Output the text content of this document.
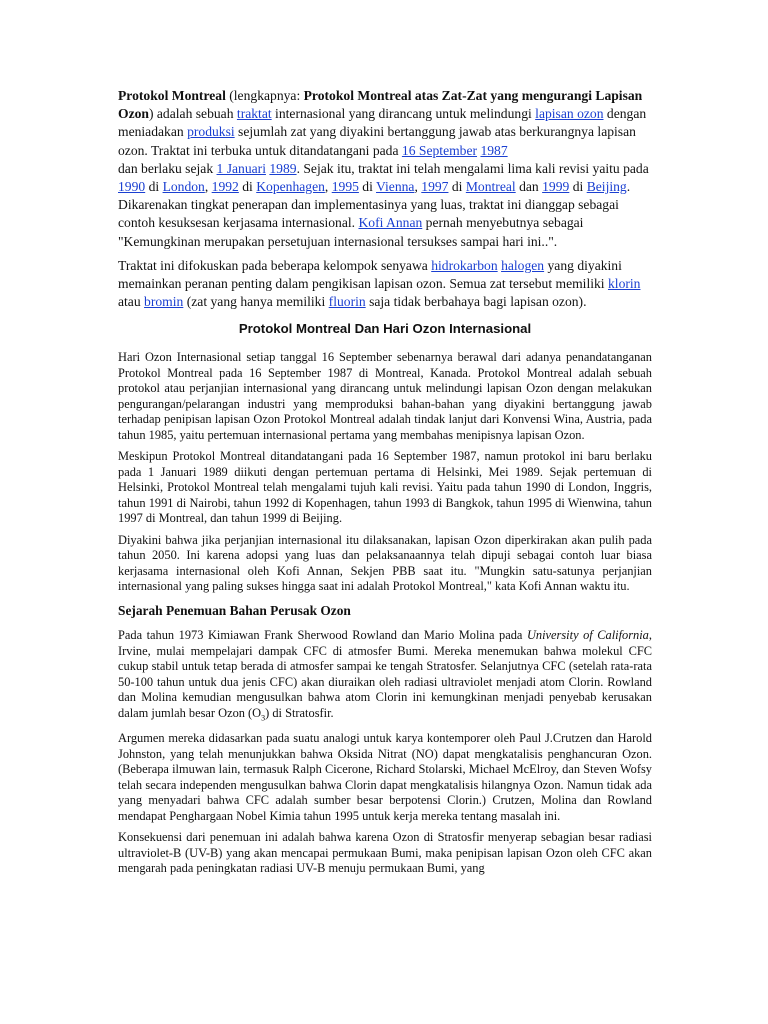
Protokol Montreal (lengkapnya: Protokol Montreal atas Zat-Zat yang mengurangi Lapisan Ozon) adalah sebuah traktat internasional yang dirancang untuk melindungi lapisan ozon dengan meniadakan produksi sejumlah zat yang diyakini bertanggung jawab atas berkurangnya lapisan ozon. Traktat ini terbuka untuk ditandatangani pada 16 September 1987
dan berlaku sejak 1 Januari 1989. Sejak itu, traktat ini telah mengalami lima kali revisi yaitu pada 1990 di London, 1992 di Kopenhagen, 1995 di Vienna, 1997 di Montreal dan 1999 di Beijing. Dikarenakan tingkat penerapan dan implementasinya yang luas, traktat ini dianggap sebagai contoh kesuksesan kerjasama internasional. Kofi Annan pernah menyebutnya sebagai "Kemungkinan merupakan persetujuan internasional tersukses sampai hari ini..".
Traktat ini difokuskan pada beberapa kelompok senyawa hidrokarbon halogen yang diyakini memainkan peranan penting dalam pengikisan lapisan ozon. Semua zat tersebut memiliki klorin atau bromin (zat yang hanya memiliki fluorin saja tidak berbahaya bagi lapisan ozon).
Protokol Montreal Dan Hari Ozon Internasional

Hari Ozon Internasional setiap tanggal 16 September sebenarnya berawal dari adanya penandatanganan Protokol Montreal pada 16 September 1987 di Montreal, Kanada. Protokol Montreal adalah sebuah protokol atau perjanjian internasional yang dirancang untuk melindungi lapisan Ozon dengan melakukan pengurangan/pelarangan industri yang memproduksi bahan-bahan yang diyakini bertanggung jawab terhadap penipisan lapisan Ozon Protokol Montreal adalah tindak lanjut dari Konvensi Wina, Austria, pada tahun 1985, yaitu pertemuan internasional pertama yang membahas menipisnya lapisan Ozon.

Meskipun Protokol Montreal ditandatangani pada 16 September 1987, namun protokol ini baru berlaku pada 1 Januari 1989 diikuti dengan pertemuan pertama di Helsinki, Mei 1989. Sejak pertemuan di Helsinki, Protokol Montreal telah mengalami tujuh kali revisi. Yaitu pada tahun 1990 di London, Inggris, tahun 1991 di Nairobi, tahun 1992 di Kopenhagen, tahun 1993 di Bangkok, tahun 1995 di Wienwina, tahun 1997 di Montreal, dan tahun 1999 di Beijing.

Diyakini bahwa jika perjanjian internasional itu dilaksanakan, lapisan Ozon diperkirakan akan pulih pada tahun 2050. Ini karena adopsi yang luas dan pelaksanaannya telah dipuji sebagai contoh luar biasa kerjasama internasional oleh Kofi Annan, Sekjen PBB saat itu. "Mungkin satu-satunya perjanjian internasional yang paling sukses hingga saat ini adalah Protokol Montreal," kata Kofi Annan waktu itu.

Sejarah Penemuan Bahan Perusak Ozon

Pada tahun 1973 Kimiawan Frank Sherwood Rowland dan Mario Molina pada University of California, Irvine, mulai mempelajari dampak CFC di atmosfer Bumi. Mereka menemukan bahwa molekul CFC cukup stabil untuk tetap berada di atmosfer sampai ke tengah Stratosfer. Selanjutnya CFC (setelah rata-rata 50-100 tahun untuk dua jenis CFC) akan diuraikan oleh radiasi ultraviolet menjadi atom Clorin. Rowland dan Molina kemudian mengusulkan bahwa atom Clorin ini kemungkinan menjadi penyebab kerusakan dalam jumlah besar Ozon $(O_3)$ di Stratosfir.

Argumen mereka didasarkan pada suatu analogi untuk karya kontemporer oleh Paul J.Crutzen dan Harold Johnston, yang telah menunjukkan bahwa Oksida Nitrat (NO) dapat mengkatalisis penghancuran Ozon. (Beberapa ilmuwan lain, termasuk Ralph Cicerone, Richard Stolarski, Michael McElroy, dan Steven Wofsy telah secara independen mengusulkan bahwa Clorin dapat mengkatalisis hilangnya Ozon. Namun tidak ada yang menyadari bahwa CFC adalah sumber besar berpotensi Clorin.) Crutzen, Molina dan Rowland mendapat Penghargaan Nobel Kimia tahun 1995 untuk kerja mereka tentang masalah ini.

Konsekuensi dari penemuan ini adalah bahwa karena Ozon di Stratosfir menyerap sebagian besar radiasi ultraviolet-B (UV-B) yang akan mencapai permukaan Bumi, maka penipisan lapisan Ozon oleh CFC akan mengarah pada peningkatan radiasi UV-B menuju permukaan Bumi, yang
